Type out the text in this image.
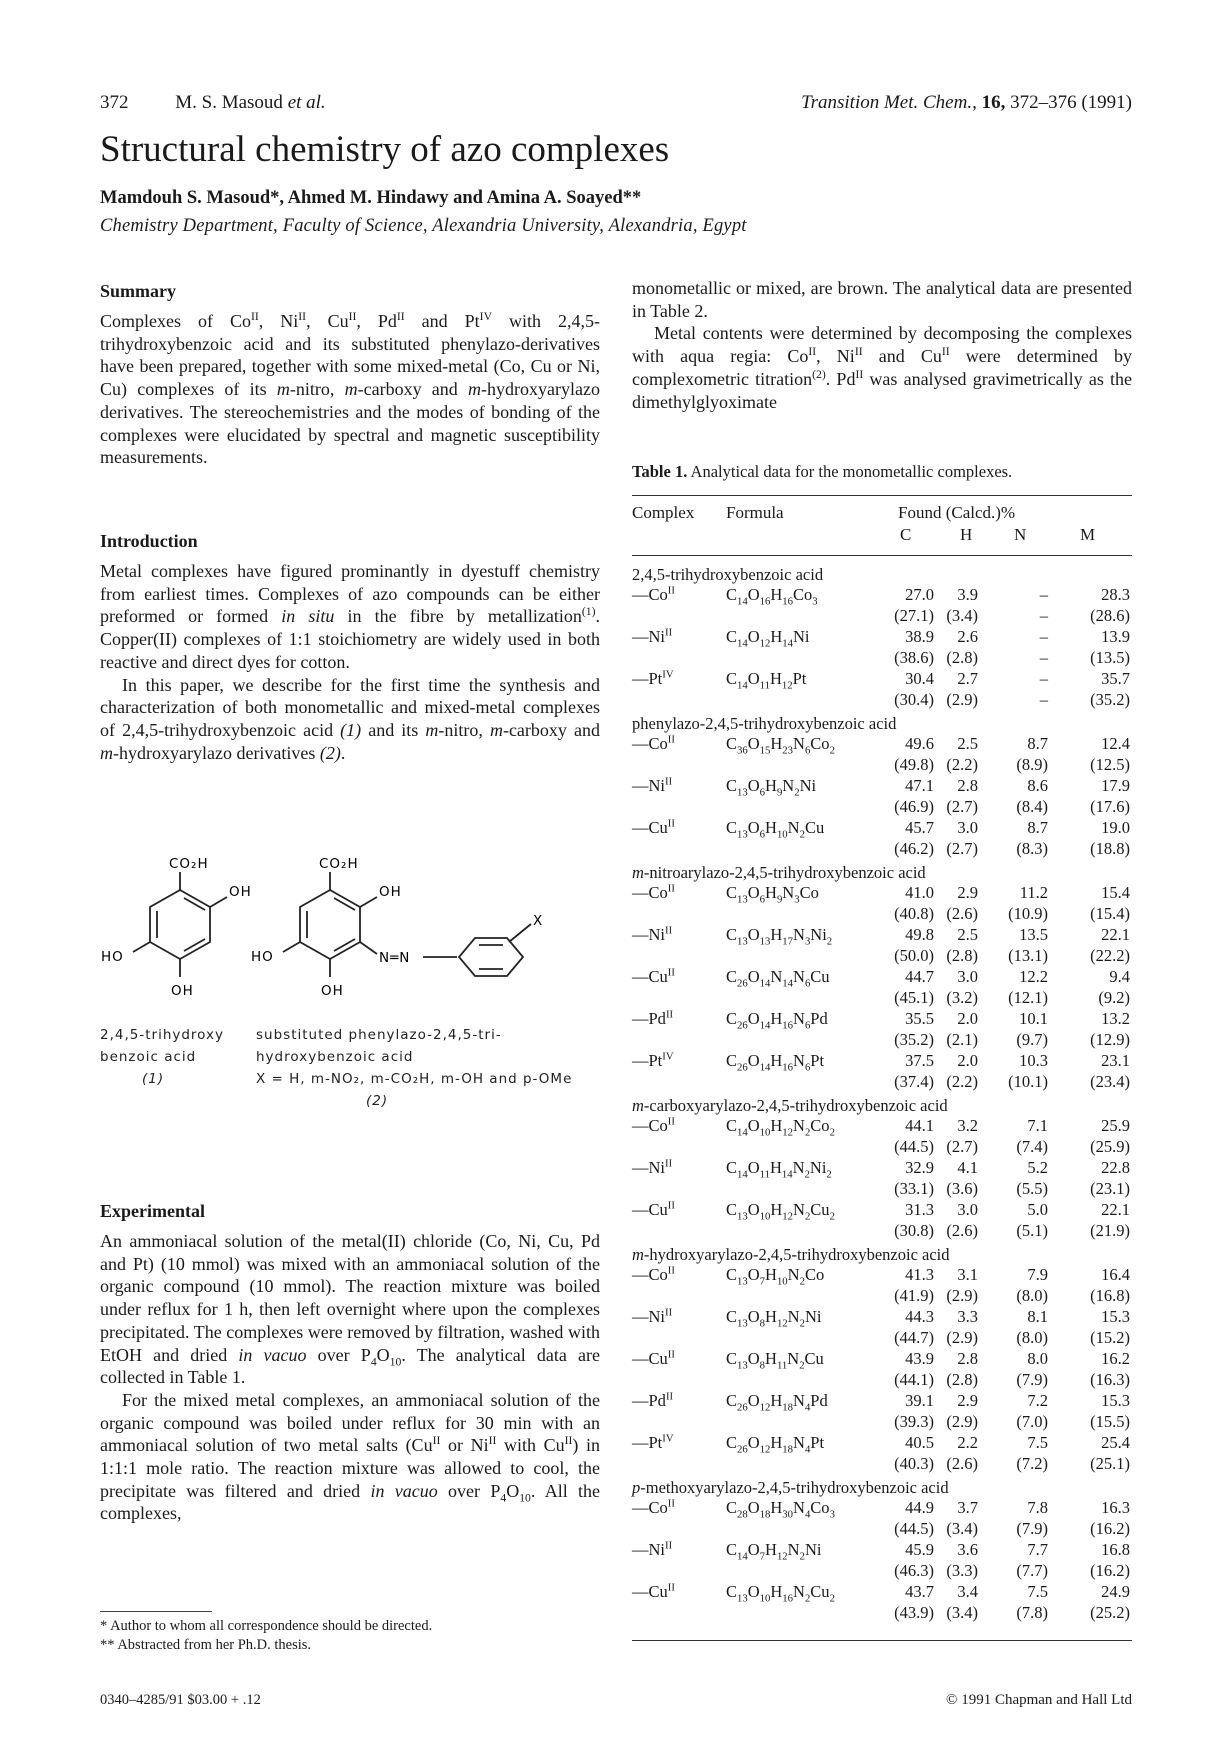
372 M. S. Masoud et al.	Transition Met. Chem., 16, 372–376 (1991)
Structural chemistry of azo complexes
Mamdouh S. Masoud*, Ahmed M. Hindawy and Amina A. Soayed**
Chemistry Department, Faculty of Science, Alexandria University, Alexandria, Egypt
Summary

Complexes of $Co^{II}$, $Ni^{II}$, $Cu^{II}$, $Pd^{II}$ and $Pt^{IV}$ with 2,4,5-trihydroxybenzoic acid and its substituted phenylazo-derivatives have been prepared, together with some mixed-metal (Co, Cu or Ni, Cu) complexes of its m-nitro, m-carboxy and m-hydroxyarylazo derivatives. The stereochemistries and the modes of bonding of the complexes were elucidated by spectral and magnetic susceptibility measurements.

Introduction

Metal complexes have figured prominantly in dyestuff chemistry from earliest times. Complexes of azo compounds can be either preformed or formed in situ in the fibre by metallization$^{(1)}$. Copper(II) complexes of 1:1 stoichiometry are widely used in both reactive and direct dyes for cotton.

In this paper, we describe for the first time the synthesis and characterization of both monometallic and mixed-metal complexes of 2,4,5-trihydroxybenzoic acid (1) and its m-nitro, m-carboxy and m-hydroxyarylazo derivatives (2).

CO₂H
OH
HO
OH
CO₂H
OH
HO
OH
N═N
X
2,4,5-trihydroxy
benzoic acid
(1)
substituted phenylazo-2,4,5-tri-
hydroxybenzoic acid
X = H, m-NO₂, m-CO₂H, m-OH and p-OMe
(2)
Experimental

An ammoniacal solution of the metal(II) chloride (Co, Ni, Cu, Pd and Pt) (10 mmol) was mixed with an ammoniacal solution of the organic compound (10 mmol). The reaction mixture was boiled under reflux for 1 h, then left overnight where upon the complexes precipitated. The complexes were removed by filtration, washed with EtOH and dried in vacuo over $P_4O_{10}$. The analytical data are collected in Table 1.

For the mixed metal complexes, an ammoniacal solution of the organic compound was boiled under reflux for 30 min with an ammoniacal solution of two metal salts ($Cu^{II}$ or $Ni^{II}$ with $Cu^{II}$) in 1:1:1 mole ratio. The reaction mixture was allowed to cool, the precipitate was filtered and dried in vacuo over $P_4O_{10}$. All the complexes,

* Author to whom all correspondence should be directed.
** Abstracted from her Ph.D. thesis.
0340–4285/91 $03.00 + .12	© 1991 Chapman and Hall Ltd

monometallic or mixed, are brown. The analytical data are presented in Table 2.

Metal contents were determined by decomposing the complexes with aqua regia: $Co^{II}$, $Ni^{II}$ and $Cu^{II}$ were determined by complexometric titration$^{(2)}$. $Pd^{II}$ was analysed gravimetrically as the dimethylglyoximate

Table 1. Analytical data for the monometallic complexes.
Complex Formula	Found (Calcd.)%
C	H N	M
2,4,5-trihydroxybenzoic acid
$—Co^{II}$	$C_{14}O_{16}H_{16}Co_3$	27.0	3.9	–	28.3
(27.1) (3.4)	–	(28.6)
$—Ni^{II}$	$C_{14}O_{12}H_{14}Ni$	38.9	2.6	–	13.9
(38.6) (2.8)	–	(13.5)
$—Pt^{IV}$	$C_{14}O_{11}H_{12}Pt$	30.4	2.7	–	35.7
(30.4) (2.9)	–	(35.2)
phenylazo-2,4,5-trihydroxybenzoic acid
$—Co^{II}$	$C_{36}O_{15}H_{23}N_6Co_2$	49.6	2.5	8.7	12.4
(49.8) (2.2)	(8.9)	(12.5)
$—Ni^{II}$	$C_{13}O_6H_9N_2Ni$	47.1	2.8	8.6	17.9
(46.9) (2.7)	(8.4)	(17.6)
$—Cu^{II}$	$C_{13}O_6H_{10}N_2Cu$	45.7	3.0	8.7	19.0
(46.2) (2.7)	(8.3)	(18.8)
m-nitroarylazo-2,4,5-trihydroxybenzoic acid
$—Co^{II}$	$C_{13}O_6H_9N_3Co$	41.0	2.9	11.2	15.4
(40.8) (2.6)	(10.9)	(15.4)
$—Ni^{II}$	$C_{13}O_{13}H_{17}N_3Ni_2$	49.8	2.5	13.5	22.1
(50.0) (2.8)	(13.1)	(22.2)
$—Cu^{II}$	$C_{26}O_{14}N_{14}N_6Cu$	44.7	3.0	12.2	9.4
(45.1) (3.2)	(12.1)	(9.2)
$—Pd^{II}$	$C_{26}O_{14}H_{16}N_6Pd$	35.5	2.0	10.1	13.2
(35.2) (2.1)	(9.7)	(12.9)
$—Pt^{IV}$	$C_{26}O_{14}H_{16}N_6Pt$	37.5	2.0	10.3	23.1
(37.4) (2.2)	(10.1)	(23.4)
m-carboxyarylazo-2,4,5-trihydroxybenzoic acid
$—Co^{II}$	$C_{14}O_{10}H_{12}N_2Co_2$	44.1	3.2	7.1	25.9
(44.5) (2.7)	(7.4)	(25.9)
$—Ni^{II}$	$C_{14}O_{11}H_{14}N_2Ni_2$	32.9	4.1	5.2	22.8
(33.1) (3.6)	(5.5)	(23.1)
$—Cu^{II}$	$C_{13}O_{10}H_{12}N_2Cu_2$	31.3	3.0	5.0	22.1
(30.8) (2.6)	(5.1)	(21.9)
m-hydroxyarylazo-2,4,5-trihydroxybenzoic acid
$—Co^{II}$	$C_{13}O_7H_{10}N_2Co$	41.3	3.1	7.9	16.4
(41.9) (2.9)	(8.0)	(16.8)
$—Ni^{II}$	$C_{13}O_8H_{12}N_2Ni$	44.3	3.3	8.1	15.3
(44.7) (2.9)	(8.0)	(15.2)
$—Cu^{II}$	$C_{13}O_8H_{11}N_2Cu$	43.9	2.8	8.0	16.2
(44.1) (2.8)	(7.9)	(16.3)
$—Pd^{II}$	$C_{26}O_{12}H_{18}N_4Pd$	39.1	2.9	7.2	15.3
(39.3) (2.9)	(7.0)	(15.5)
$—Pt^{IV}$	$C_{26}O_{12}H_{18}N_4Pt$	40.5	2.2	7.5	25.4
(40.3) (2.6)	(7.2)	(25.1)
p-methoxyarylazo-2,4,5-trihydroxybenzoic acid
$—Co^{II}$	$C_{28}O_{18}H_{30}N_4Co_3$	44.9	3.7	7.8	16.3
(44.5) (3.4)	(7.9)	(16.2)
$—Ni^{II}$	$C_{14}O_7H_{12}N_2Ni$	45.9	3.6	7.7	16.8
(46.3) (3.3)	(7.7)	(16.2)
$—Cu^{II}$	$C_{13}O_{10}H_{16}N_2Cu_2$	43.7	3.4	7.5	24.9
(43.9) (3.4)	(7.8)	(25.2)
